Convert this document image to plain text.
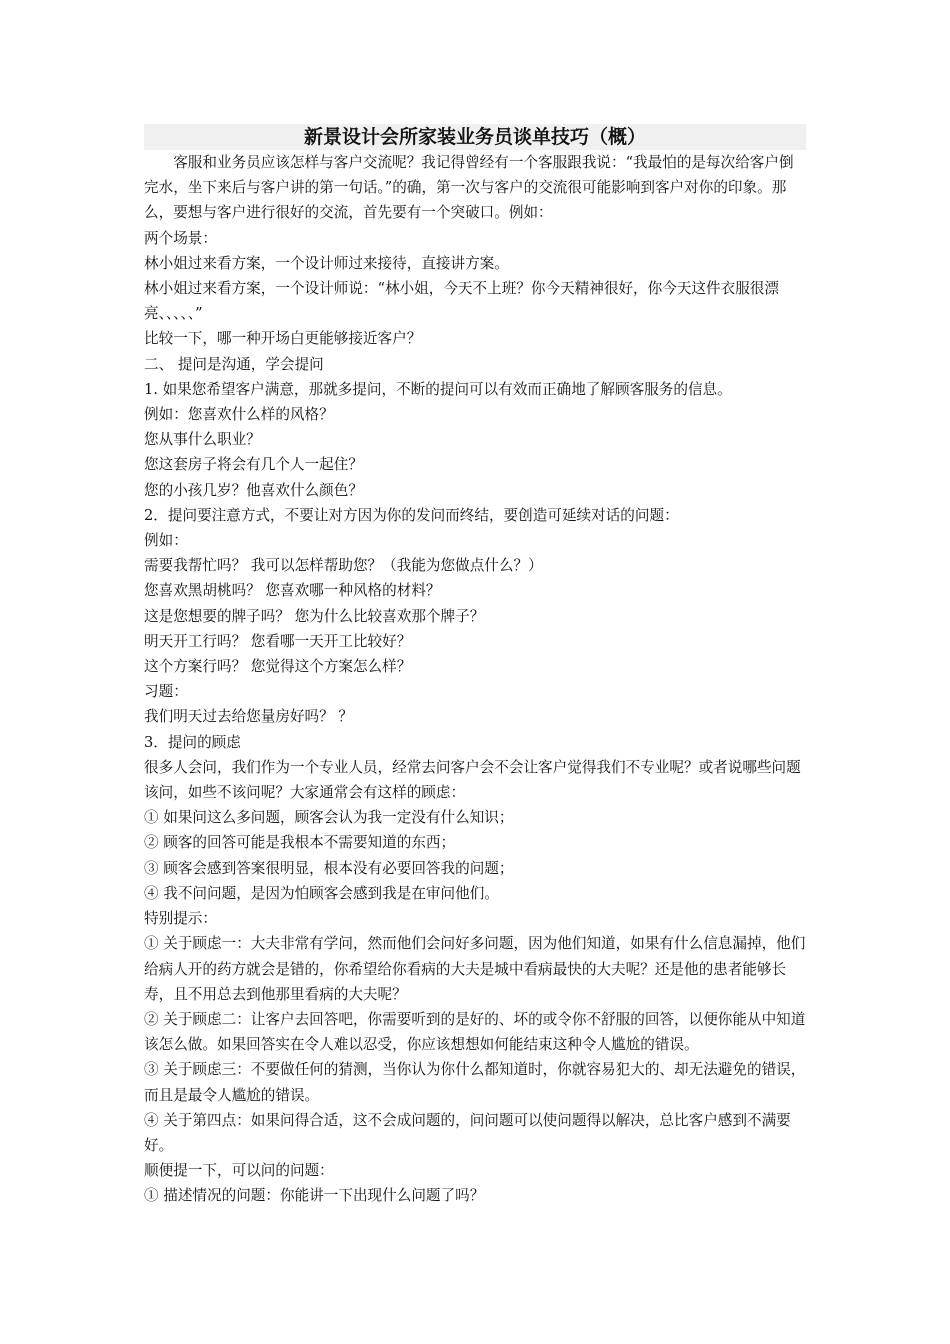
新景设计会所家装业务员谈单技巧（概）

客服和业务员应该怎样与客户交流呢？我记得曾经有一个客服跟我说：“我最怕的是每次给客户倒完水，坐下来后与客户讲的第一句话。”的确，第一次与客户的交流很可能影响到客户对你的印象。那么，要想与客户进行很好的交流，首先要有一个突破口。例如：

两个场景：

林小姐过来看方案，一个设计师过来接待，直接讲方案。

林小姐过来看方案，一个设计师说：“林小姐，今天不上班？你今天精神很好，你今天这件衣服很漂亮、、、、、”

比较一下，哪一种开场白更能够接近客户？

二、 提问是沟通，学会提问

1. 如果您希望客户满意，那就多提问，不断的提问可以有效而正确地了解顾客服务的信息。

例如：您喜欢什么样的风格？

您从事什么职业？

您这套房子将会有几个人一起住？

您的小孩几岁？他喜欢什么颜色？

2．提问要注意方式，不要让对方因为你的发问而终结，要创造可延续对话的问题：

例如：

需要我帮忙吗？ 我可以怎样帮助您？（我能为您做点什么？）

您喜欢黑胡桃吗？ 您喜欢哪一种风格的材料？

这是您想要的牌子吗？ 您为什么比较喜欢那个牌子？

明天开工行吗？ 您看哪一天开工比较好？

这个方案行吗？ 您觉得这个方案怎么样？

习题：

我们明天过去给您量房好吗？ ？

3．提问的顾虑

很多人会问，我们作为一个专业人员，经常去问客户会不会让客户觉得我们不专业呢？或者说哪些问题该问，如些不该问呢？大家通常会有这样的顾虑：

① 如果问这么多问题，顾客会认为我一定没有什么知识；

② 顾客的回答可能是我根本不需要知道的东西；

③ 顾客会感到答案很明显，根本没有必要回答我的问题；

④ 我不问问题，是因为怕顾客会感到我是在审问他们。

特别提示：

① 关于顾虑一：大夫非常有学问，然而他们会问好多问题，因为他们知道，如果有什么信息漏掉，他们给病人开的药方就会是错的，你希望给你看病的大夫是城中看病最快的大夫呢？还是他的患者能够长寿，且不用总去到他那里看病的大夫呢？

② 关于顾虑二：让客户去回答吧，你需要听到的是好的、坏的或令你不舒服的回答，以便你能从中知道该怎么做。如果回答实在令人难以忍受，你应该想想如何能结束这种令人尴尬的错误。

③ 关于顾虑三：不要做任何的猜测，当你认为你什么都知道时，你就容易犯大的、却无法避免的错误，而且是最令人尴尬的错误。

④ 关于第四点：如果问得合适，这不会成问题的，问问题可以使问题得以解决，总比客户感到不满要好。

顺便提一下，可以问的问题：

① 描述情况的问题：你能讲一下出现什么问题了吗？
